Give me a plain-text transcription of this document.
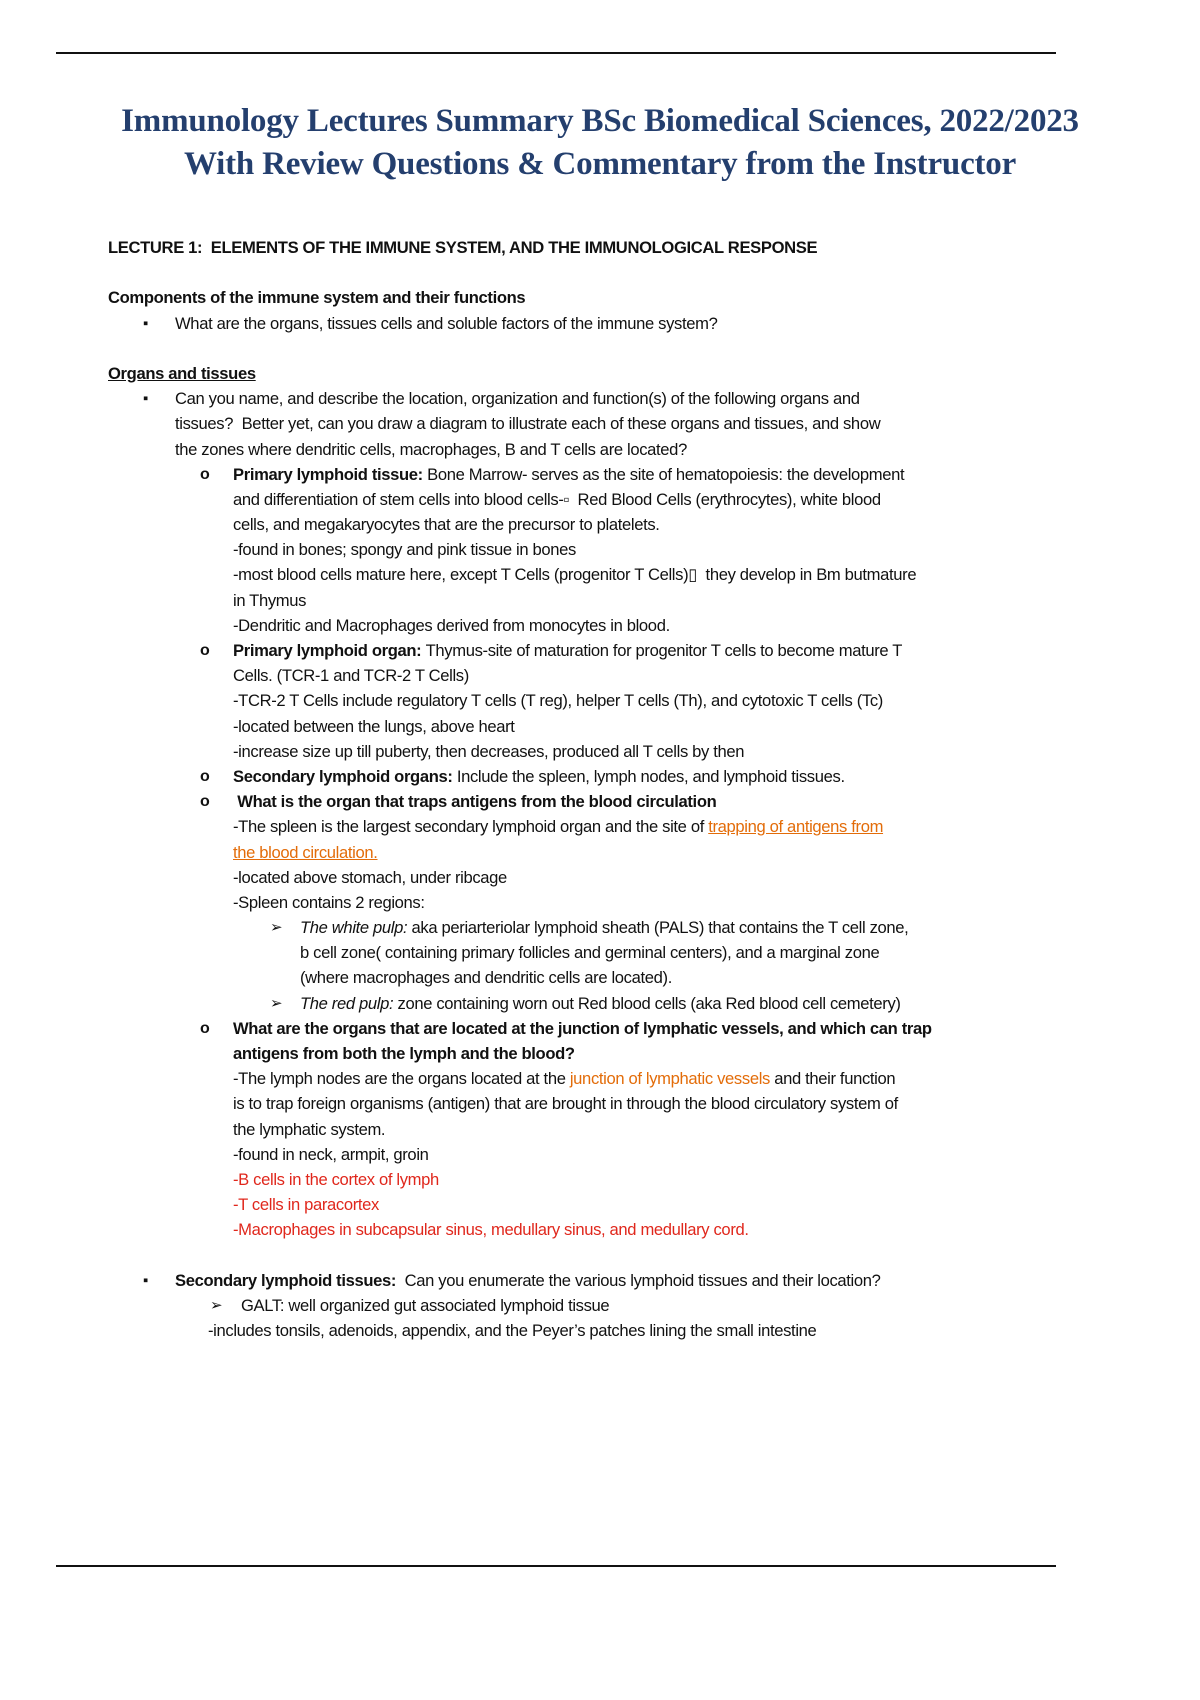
Immunology Lectures Summary BSc Biomedical Sciences, 2022/2023
With Review Questions & Commentary from the Instructor
LECTURE 1:  ELEMENTS OF THE IMMUNE SYSTEM, AND THE IMMUNOLOGICAL RESPONSE
Components of the immune system and their functions
▪ What are the organs, tissues cells and soluble factors of the immune system?
Organs and tissues
▪ Can you name, and describe the location, organization and function(s) of the following organs and
tissues?  Better yet, can you draw a diagram to illustrate each of these organs and tissues, and show
the zones where dendritic cells, macrophages, B and T cells are located?
o Primary lymphoid tissue: Bone Marrow- serves as the site of hematopoiesis: the development
and differentiation of stem cells into blood cells-▫  Red Blood Cells (erythrocytes), white blood
cells, and megakaryocytes that are the precursor to platelets.
-found in bones; spongy and pink tissue in bones
-most blood cells mature here, except T Cells (progenitor T Cells)▯  they develop in Bm butmature
in Thymus
-Dendritic and Macrophages derived from monocytes in blood.
o Primary lymphoid organ: Thymus-site of maturation for progenitor T cells to become mature T
Cells. (TCR-1 and TCR-2 T Cells)
-TCR-2 T Cells include regulatory T cells (T reg), helper T cells (Th), and cytotoxic T cells (Tc)
-located between the lungs, above heart
-increase size up till puberty, then decreases, produced all T cells by then
o Secondary lymphoid organs: Include the spleen, lymph nodes, and lymphoid tissues.
o What is the organ that traps antigens from the blood circulation
-The spleen is the largest secondary lymphoid organ and the site of trapping of antigens from
the blood circulation.
-located above stomach, under ribcage
-Spleen contains 2 regions:
➢ The white pulp: aka periarteriolar lymphoid sheath (PALS) that contains the T cell zone,
b cell zone( containing primary follicles and germinal centers), and a marginal zone
(where macrophages and dendritic cells are located).
➢ The red pulp: zone containing worn out Red blood cells (aka Red blood cell cemetery)
o What are the organs that are located at the junction of lymphatic vessels, and which can trap
antigens from both the lymph and the blood?
-The lymph nodes are the organs located at the junction of lymphatic vessels and their function
is to trap foreign organisms (antigen) that are brought in through the blood circulatory system of
the lymphatic system.
-found in neck, armpit, groin
-B cells in the cortex of lymph
-T cells in paracortex
-Macrophages in subcapsular sinus, medullary sinus, and medullary cord.
▪ Secondary lymphoid tissues:  Can you enumerate the various lymphoid tissues and their location?
➢ GALT: well organized gut associated lymphoid tissue
-includes tonsils, adenoids, appendix, and the Peyer’s patches lining the small intestine
